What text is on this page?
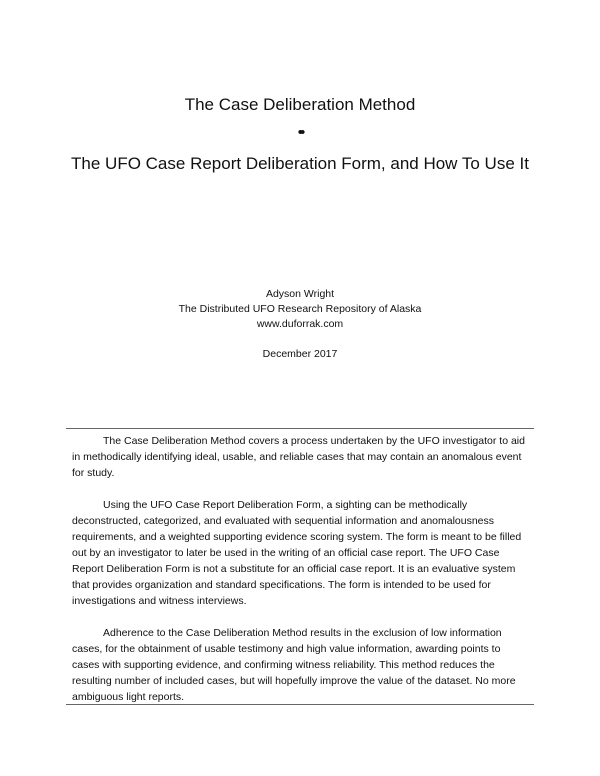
The Case Deliberation Method
••
The UFO Case Report Deliberation Form, and How To Use It
Adyson Wright
The Distributed UFO Research Repository of Alaska
www.duforrak.com
December 2017

The Case Deliberation Method covers a process undertaken by the UFO investigator to aid in methodically identifying ideal, usable, and reliable cases that may contain an anomalous event for study.

Using the UFO Case Report Deliberation Form, a sighting can be methodically deconstructed, categorized, and evaluated with sequential information and anomalousness requirements, and a weighted supporting evidence scoring system. The form is meant to be filled out by an investigator to later be used in the writing of an official case report. The UFO Case Report Deliberation Form is not a substitute for an official case report. It is an evaluative system that provides organization and standard specifications. The form is intended to be used for investigations and witness interviews.

Adherence to the Case Deliberation Method results in the exclusion of low information cases, for the obtainment of usable testimony and high value information, awarding points to cases with supporting evidence, and confirming witness reliability. This method reduces the resulting number of included cases, but will hopefully improve the value of the dataset. No more ambiguous light reports.
